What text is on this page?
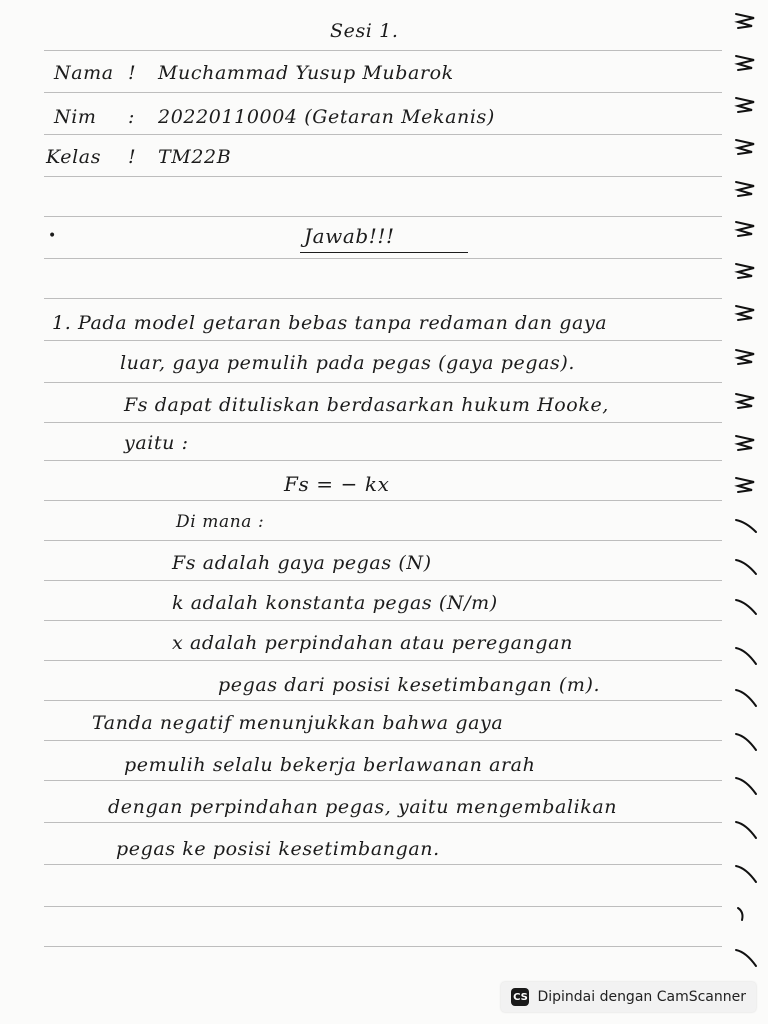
Sesi 1.
Nama ! Muchammad Yusup Mubarok
Nim : 20220110004 (Getaran Mekanis)
Kelas ! TM22B
•	Jawab!!!
1. Pada model getaran bebas tanpa redaman dan gaya
luar, gaya pemulih pada pegas (gaya pegas).
Fs dapat dituliskan berdasarkan hukum Hooke,
yaitu :
Fs = − kx
Di mana :
Fs adalah gaya pegas (N)
k adalah konstanta pegas (N/m)
x adalah perpindahan atau peregangan
pegas dari posisi kesetimbangan (m).
Tanda negatif menunjukkan bahwa gaya
pemulih selalu bekerja berlawanan arah
dengan perpindahan pegas, yaitu mengembalikan
pegas ke posisi kesetimbangan.
CS Dipindai dengan CamScanner
